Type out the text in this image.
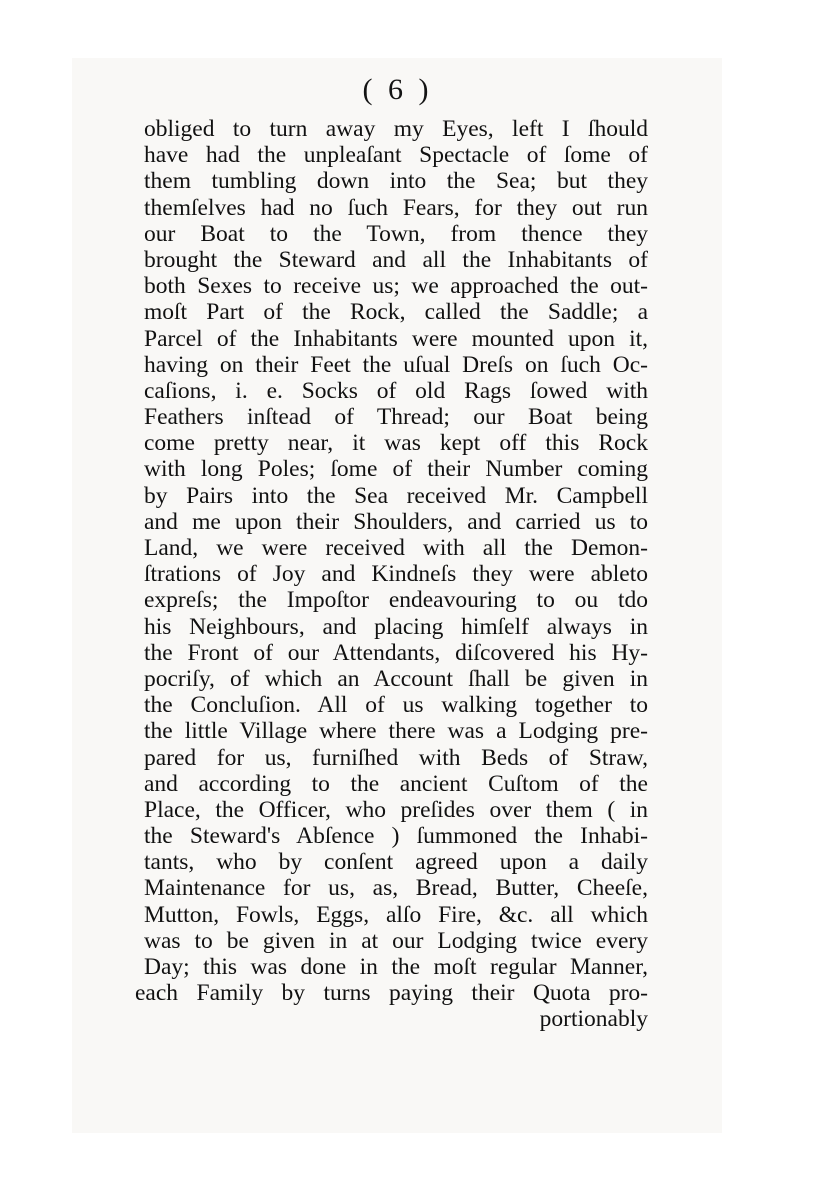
( 6 )
obliged to turn away my Eyes, left I ſhould
have had the unpleaſant Spectacle of ſome of
them tumbling down into the Sea; but they
themſelves had no ſuch Fears, for they out run
our Boat to the Town, from thence they
brought the Steward and all the Inhabitants of
both Sexes to receive us; we approached the out-
moſt Part of the Rock, called the Saddle; a
Parcel of the Inhabitants were mounted upon it,
having on their Feet the uſual Dreſs on ſuch Oc-
caſions, i. e. Socks of old Rags ſowed with
Feathers inſtead of Thread; our Boat being
come pretty near, it was kept off this Rock
with long Poles; ſome of their Number coming
by Pairs into the Sea received Mr. Campbell
and me upon their Shoulders, and carried us to
Land, we were received with all the Demon-
ſtrations of Joy and Kindneſs they were ableto
expreſs; the Impoſtor endeavouring to ou tdo
his Neighbours, and placing himſelf always in
the Front of our Attendants, diſcovered his Hy-
pocriſy, of which an Account ſhall be given in
the Concluſion. All of us walking together to
the little Village where there was a Lodging pre-
pared for us, furniſhed with Beds of Straw,
and according to the ancient Cuſtom of the
Place, the Officer, who preſides over them ( in
the Steward's Abſence ) ſummoned the Inhabi-
tants, who by conſent agreed upon a daily
Maintenance for us, as, Bread, Butter, Cheeſe,
Mutton, Fowls, Eggs, alſo Fire, &c. all which
was to be given in at our Lodging twice every
Day; this was done in the moſt regular Manner,
each Family by turns paying their Quota pro-
portionably
